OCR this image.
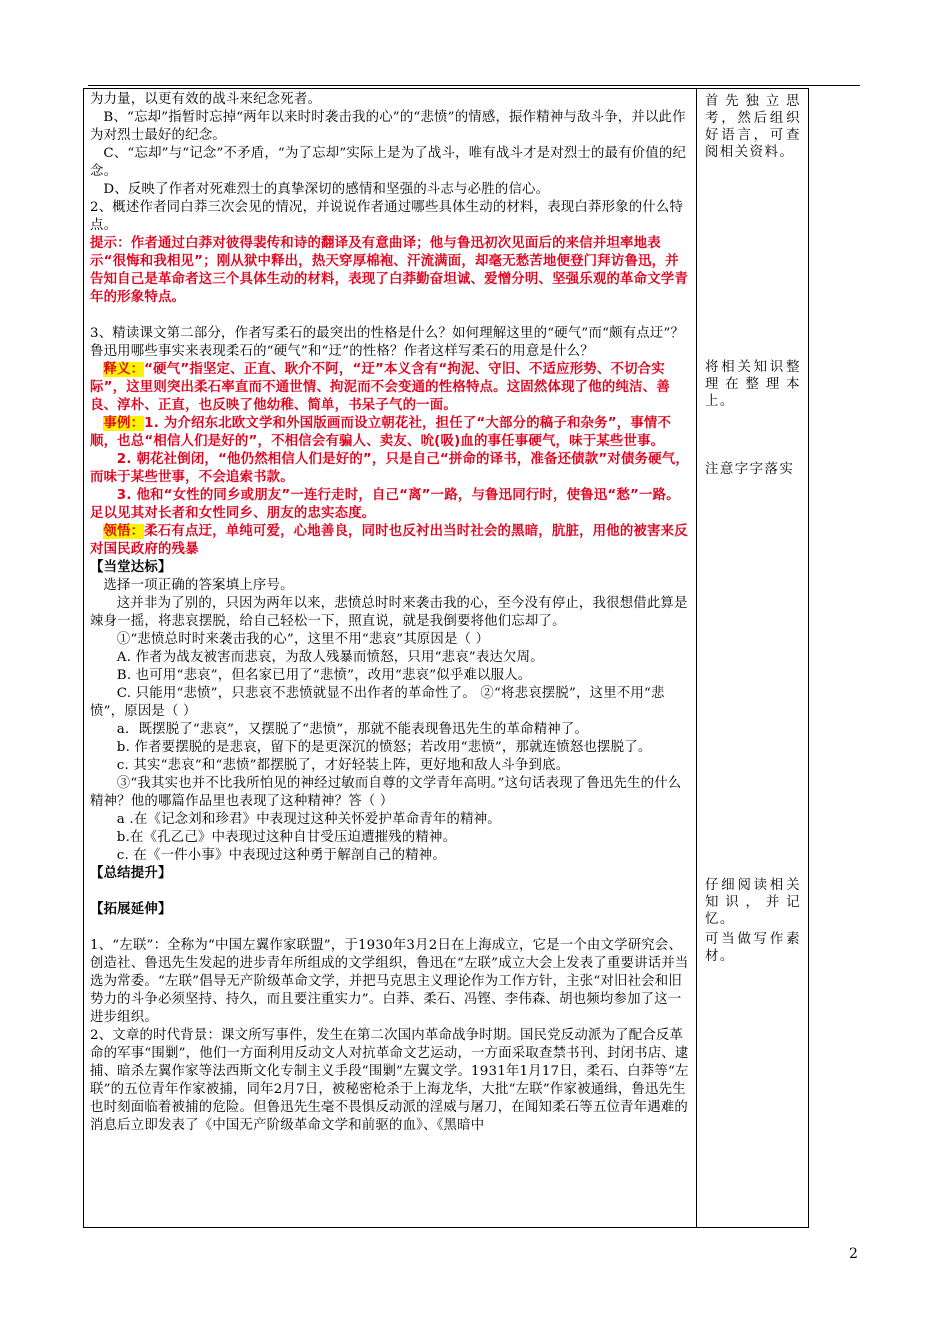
为力量，以更有效的战斗来纪念死者。

B、“忘却”指暂时忘掉“两年以来时时袭击我的心”的“悲愤”的情感，振作精神与敌斗争，并以此作为对烈士最好的纪念。

C、“忘却”与“记念”不矛盾，“为了忘却”实际上是为了战斗，唯有战斗才是对烈士的最有价值的纪念。

D、反映了作者对死难烈士的真挚深切的感情和坚强的斗志与必胜的信心。

2、概述作者同白莽三次会见的情况，并说说作者通过哪些具体生动的材料，表现白莽形象的什么特点。

提示：作者通过白莽对彼得裴传和诗的翻译及有意曲译；他与鲁迅初次见面后的来信并坦率地表示“很悔和我相见”；刚从狱中释出，热天穿厚棉袍、汗流满面，却毫无愁苦地便登门拜访鲁迅，并告知自己是革命者这三个具体生动的材料，表现了白莽勤奋坦诚、爱憎分明、坚强乐观的革命文学青年的形象特点。

3、精读课文第二部分，作者写柔石的最突出的性格是什么？如何理解这里的“硬气”而“颇有点迂”？ 鲁迅用哪些事实来表现柔石的“硬气”和“迂”的性格？作者这样写柔石的用意是什么？

释义：“硬气”指坚定、正直、耿介不阿，“迂”本义含有“拘泥、守旧、不适应形势、不切合实际”，这里则突出柔石率直而不通世情、拘泥而不会变通的性格特点。这固然体现了他的纯洁、善良、淳朴、正直，也反映了他幼稚、简单，书呆子气的一面。

事例：1. 为介绍东北欧文学和外国版画而设立朝花社，担任了“大部分的稿子和杂务”，事情不顺，也总“相信人们是好的”，不相信会有骗人、卖友、吮(吸)血的事任事硬气，味于某些世事。

2. 朝花社倒闭，“他仍然相信人们是好的”，只是自己“拼命的译书，准备还债款”对债务硬气，而味于某些世事，不会追索书款。

3. 他和“女性的同乡或朋友”一连行走时，自己“离”一路，与鲁迅同行时，使鲁迅“愁”一路。足以见其对长者和女性同乡、朋友的忠实态度。

领悟：柔石有点迂，单纯可爱，心地善良，同时也反衬出当时社会的黑暗，肮脏，用他的被害来反对国民政府的残暴

【当堂达标】

选择一项正确的答案填上序号。

这并非为了别的，只因为两年以来，悲愤总时时来袭击我的心，至今没有停止，我很想借此算是竦身一摇，将悲哀摆脱，给自己轻松一下，照直说，就是我倒要将他们忘却了。

①“悲愤总时时来袭击我的心”，这里不用“悲哀”其原因是（ ）

A. 作者为战友被害而悲哀，为敌人残暴而愤怒，只用“悲哀”表达欠周。

B. 也可用“悲哀”，但名家已用了“悲愤”，改用“悲哀”似乎难以服人。

C. 只能用“悲愤”，只悲哀不悲愤就显不出作者的革命性了。 ②“将悲哀摆脱”，这里不用“悲愤”，原因是（ ）

a．既摆脱了“悲哀”，又摆脱了“悲愤”，那就不能表现鲁迅先生的革命精神了。

b. 作者要摆脱的是悲哀，留下的是更深沉的愤怒；若改用“悲愤”，那就连愤怒也摆脱了。

c. 其实“悲哀”和“悲愤”都摆脱了，才好轻装上阵，更好地和敌人斗争到底。

③“我其实也并不比我所怕见的神经过敏而自尊的文学青年高明。”这句话表现了鲁迅先生的什么精神？他的哪篇作品里也表现了这种精神？答（ ）

a .在《记念刘和珍君》中表现过这种关怀爱护革命青年的精神。

b.在《孔乙己》中表现过这种自甘受压迫遭摧残的精神。

c. 在《一件小事》中表现过这种勇于解剖自己的精神。

【总结提升】

【拓展延伸】

1、“左联”：全称为“中国左翼作家联盟”，于1930年3月2日在上海成立，它是一个由文学研究会、创造社、鲁迅先生发起的进步青年所组成的文学组织，鲁迅在“左联”成立大会上发表了重要讲话并当选为常委。“左联”倡导无产阶级革命文学，并把马克思主义理论作为工作方针，主张“对旧社会和旧势力的斗争必须坚持、持久，而且要注重实力”。白莽、柔石、冯铿、李伟森、胡也频均参加了这一进步组织。

2、文章的时代背景：课文所写事件，发生在第二次国内革命战争时期。国民党反动派为了配合反革命的军事“围剿”，他们一方面利用反动文人对抗革命文艺运动，一方面采取查禁书刊、封闭书店、逮捕、暗杀左翼作家等法西斯文化专制主义手段“围剿”左翼文学。1931年1月17日，柔石、白莽等“左联”的五位青年作家被捕，同年2月7日，被秘密枪杀于上海龙华，大批“左联”作家被通缉，鲁迅先生也时刻面临着被捕的危险。但鲁迅先生毫不畏惧反动派的淫威与屠刀，在闻知柔石等五位青年遇难的消息后立即发表了《中国无产阶级革命文学和前驱的血》、《黑暗中

首先独立思考，然后组织好语言，可查阅相关资料。
将相关知识整理在整理本上。
注意字字落实
仔细阅读相关知识，并记忆。
可当做写作素材。
2
